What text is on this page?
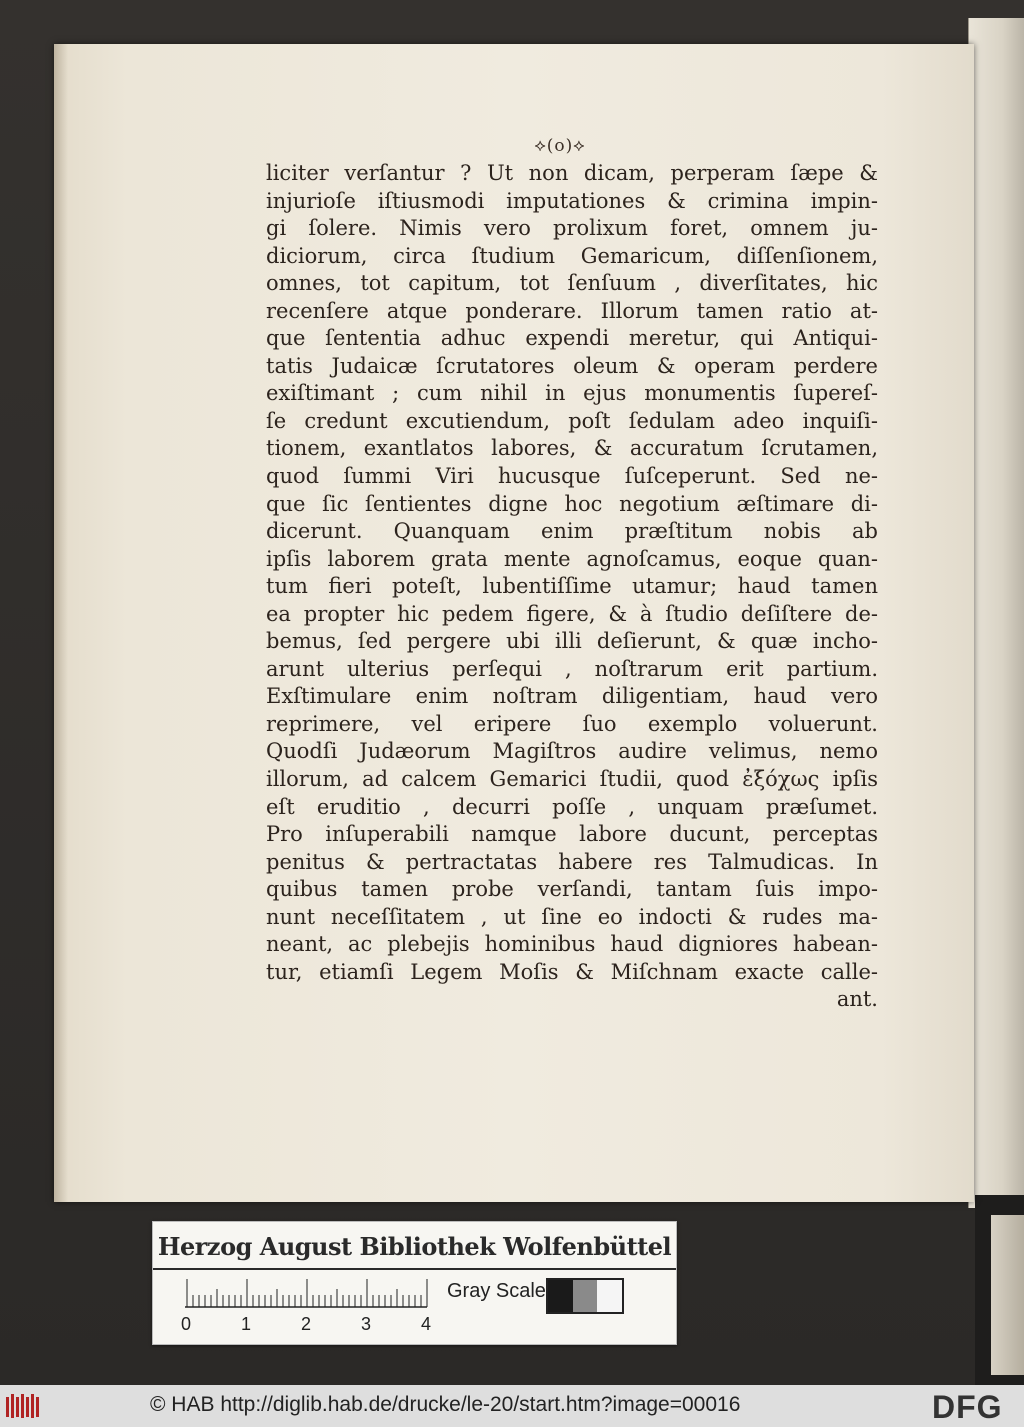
⟡(o)⟡
liciter verſantur ? Ut non dicam, perperam ſæpe &
injurioſe iſtiusmodi imputationes & crimina impin-
gi ſolere. Nimis vero prolixum foret, omnem ju-
diciorum, circa ſtudium Gemaricum, diſſenſionem,
omnes, tot capitum, tot ſenſuum , diverſitates, hic
recenſere atque ponderare. Illorum tamen ratio at-
que ſententia adhuc expendi meretur, qui Antiqui-
tatis Judaicæ ſcrutatores oleum & operam perdere
exiſtimant ; cum nihil in ejus monumentis ſupereſ-
ſe credunt excutiendum, poſt ſedulam adeo inquiſi-
tionem, exantlatos labores, & accuratum ſcrutamen,
quod ſummi Viri hucusque ſuſceperunt. Sed ne-
que ſic ſentientes digne hoc negotium æſtimare di-
dicerunt. Quanquam enim præſtitum nobis ab
ipſis laborem grata mente agnoſcamus, eoque quan-
tum fieri poteſt, lubentiſſime utamur; haud tamen
ea propter hic pedem figere, & à ſtudio deſiſtere de-
bemus, ſed pergere ubi illi deſierunt, & quæ incho-
arunt ulterius perſequi , noſtrarum erit partium.
Exſtimulare enim noſtram diligentiam, haud vero
reprimere, vel eripere ſuo exemplo voluerunt.
Quodſi Judæorum Magiſtros audire velimus, nemo
illorum, ad calcem Gemarici ſtudii, quod ἐξόχως ipſis
eſt eruditio , decurri poſſe , unquam præſumet.
Pro inſuperabili namque labore ducunt, perceptas
penitus & pertractatas habere res Talmudicas. In
quibus tamen probe verſandi, tantam ſuis impo-
nunt neceſſitatem , ut ſine eo indocti & rudes ma-
neant, ac plebejis hominibus haud digniores habean-
tur, etiamſi Legem Moſis & Miſchnam exacte calle-
ant.
Herzog August Bibliothek Wolfenbüttel
0	1	2	3	4
Gray Scale
© HAB http://diglib.hab.de/drucke/le-20/start.htm?image=00016	DFG
